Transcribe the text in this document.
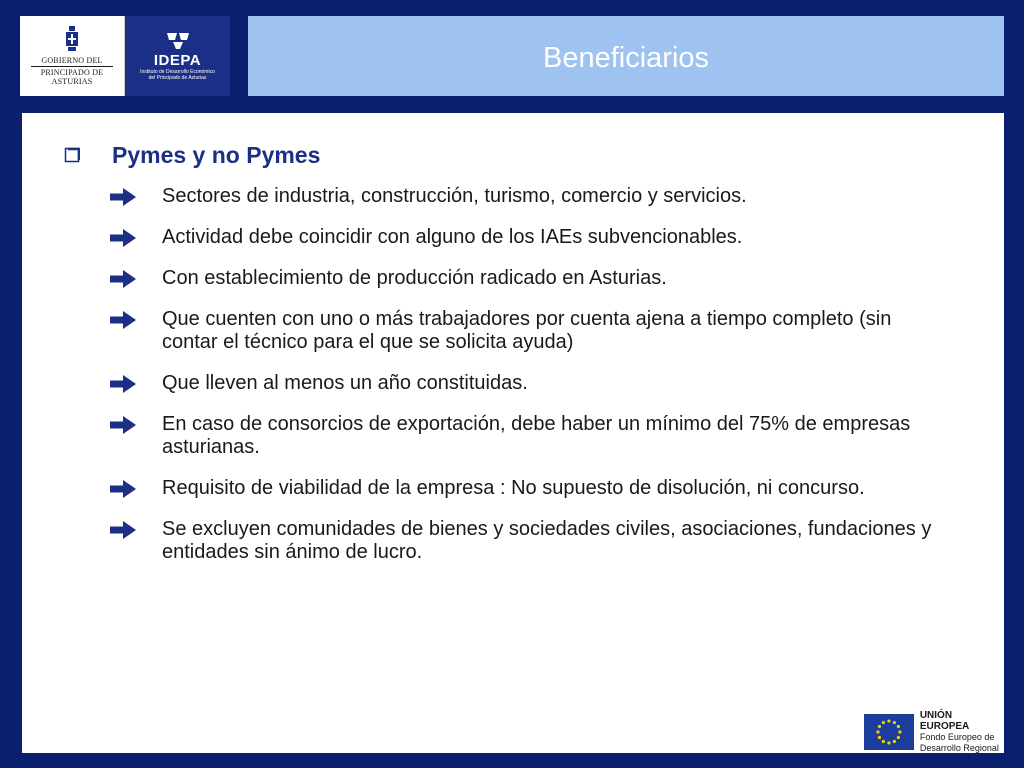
GOBIERNO DEL
PRINCIPADO DE ASTURIAS
IDEPA
Instituto de Desarrollo Económico
del Principado de Asturias
Beneficiarios
Pymes y no Pymes
Sectores de industria, construcción, turismo, comercio y servicios.
Actividad debe coincidir con alguno de los IAEs subvencionables.
Con establecimiento de producción radicado en Asturias.
Que cuenten con uno o más trabajadores por cuenta ajena a tiempo completo (sin contar el técnico para el que se solicita ayuda)
Que lleven al menos un año constituidas.
En caso de consorcios de exportación, debe haber un mínimo del 75% de empresas asturianas.
Requisito de viabilidad de la empresa : No supuesto de disolución, ni concurso.
Se excluyen comunidades de bienes y sociedades civiles, asociaciones, fundaciones y entidades sin ánimo de lucro.
UNIÓN EUROPEA
Fondo Europeo de
Desarrollo Regional
